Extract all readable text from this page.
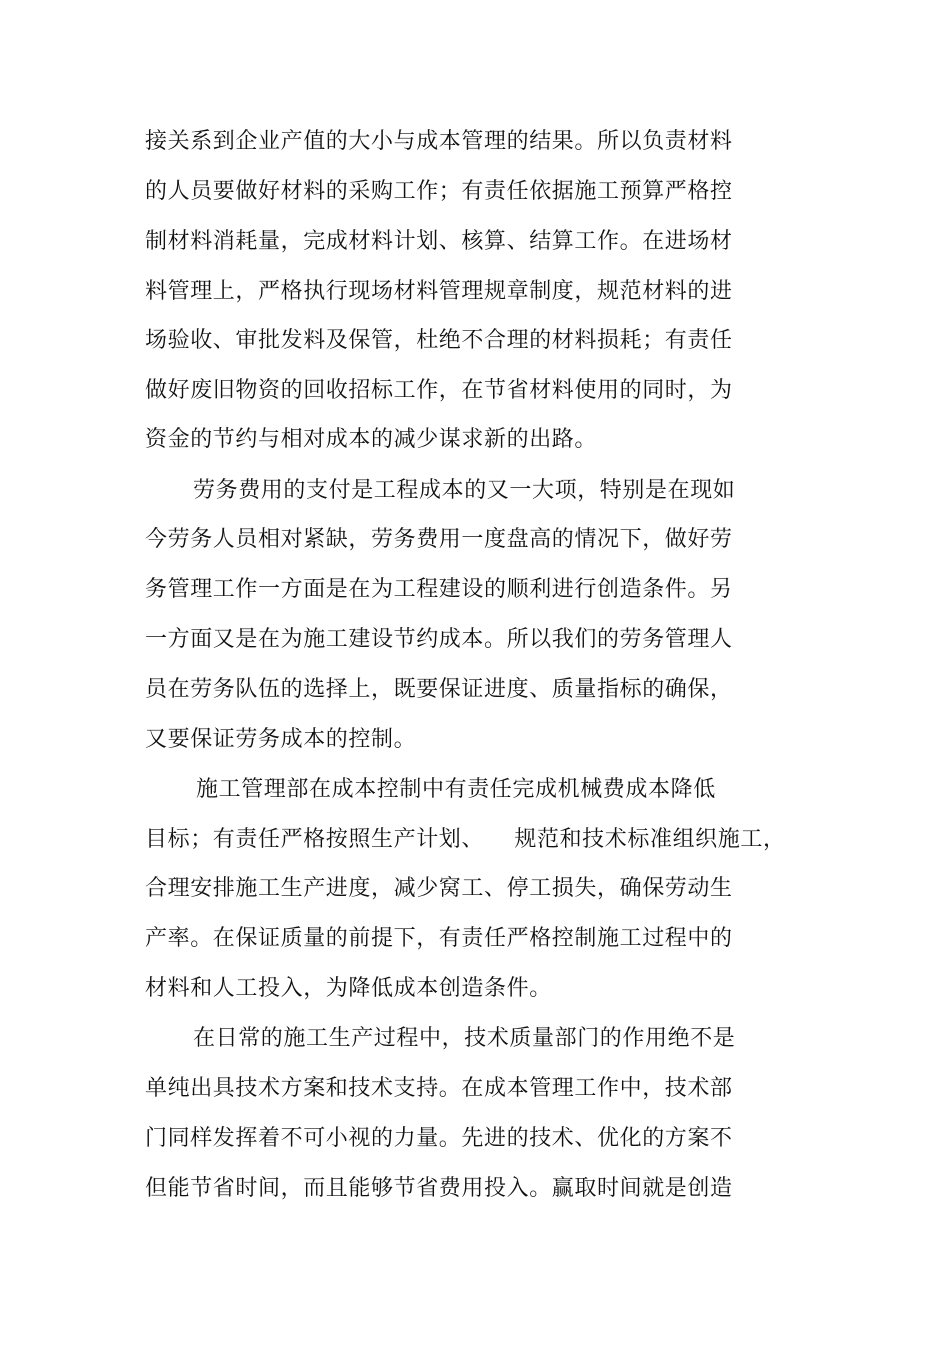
接关系到企业产值的大小与成本管理的结果。所以负责材料
的人员要做好材料的采购工作；有责任依据施工预算严格控
制材料消耗量，完成材料计划、核算、结算工作。在进场材
料管理上，严格执行现场材料管理规章制度，规范材料的进
场验收、审批发料及保管，杜绝不合理的材料损耗；有责任
做好废旧物资的回收招标工作，在节省材料使用的同时，为
资金的节约与相对成本的减少谋求新的出路。
劳务费用的支付是工程成本的又一大项，特别是在现如
今劳务人员相对紧缺，劳务费用一度盘高的情况下，做好劳
务管理工作一方面是在为工程建设的顺利进行创造条件。另
一方面又是在为施工建设节约成本。所以我们的劳务管理人
员在劳务队伍的选择上，既要保证进度、质量指标的确保，
又要保证劳务成本的控制。
施工管理部在成本控制中有责任完成机械费成本降低
目标；有责任严格按照生产计划、    规范和技术标准组织施工，
合理安排施工生产进度，减少窝工、停工损失，确保劳动生
产率。在保证质量的前提下，有责任严格控制施工过程中的
材料和人工投入，为降低成本创造条件。
在日常的施工生产过程中，技术质量部门的作用绝不是
单纯出具技术方案和技术支持。在成本管理工作中，技术部
门同样发挥着不可小视的力量。先进的技术、优化的方案不
但能节省时间，而且能够节省费用投入。赢取时间就是创造
